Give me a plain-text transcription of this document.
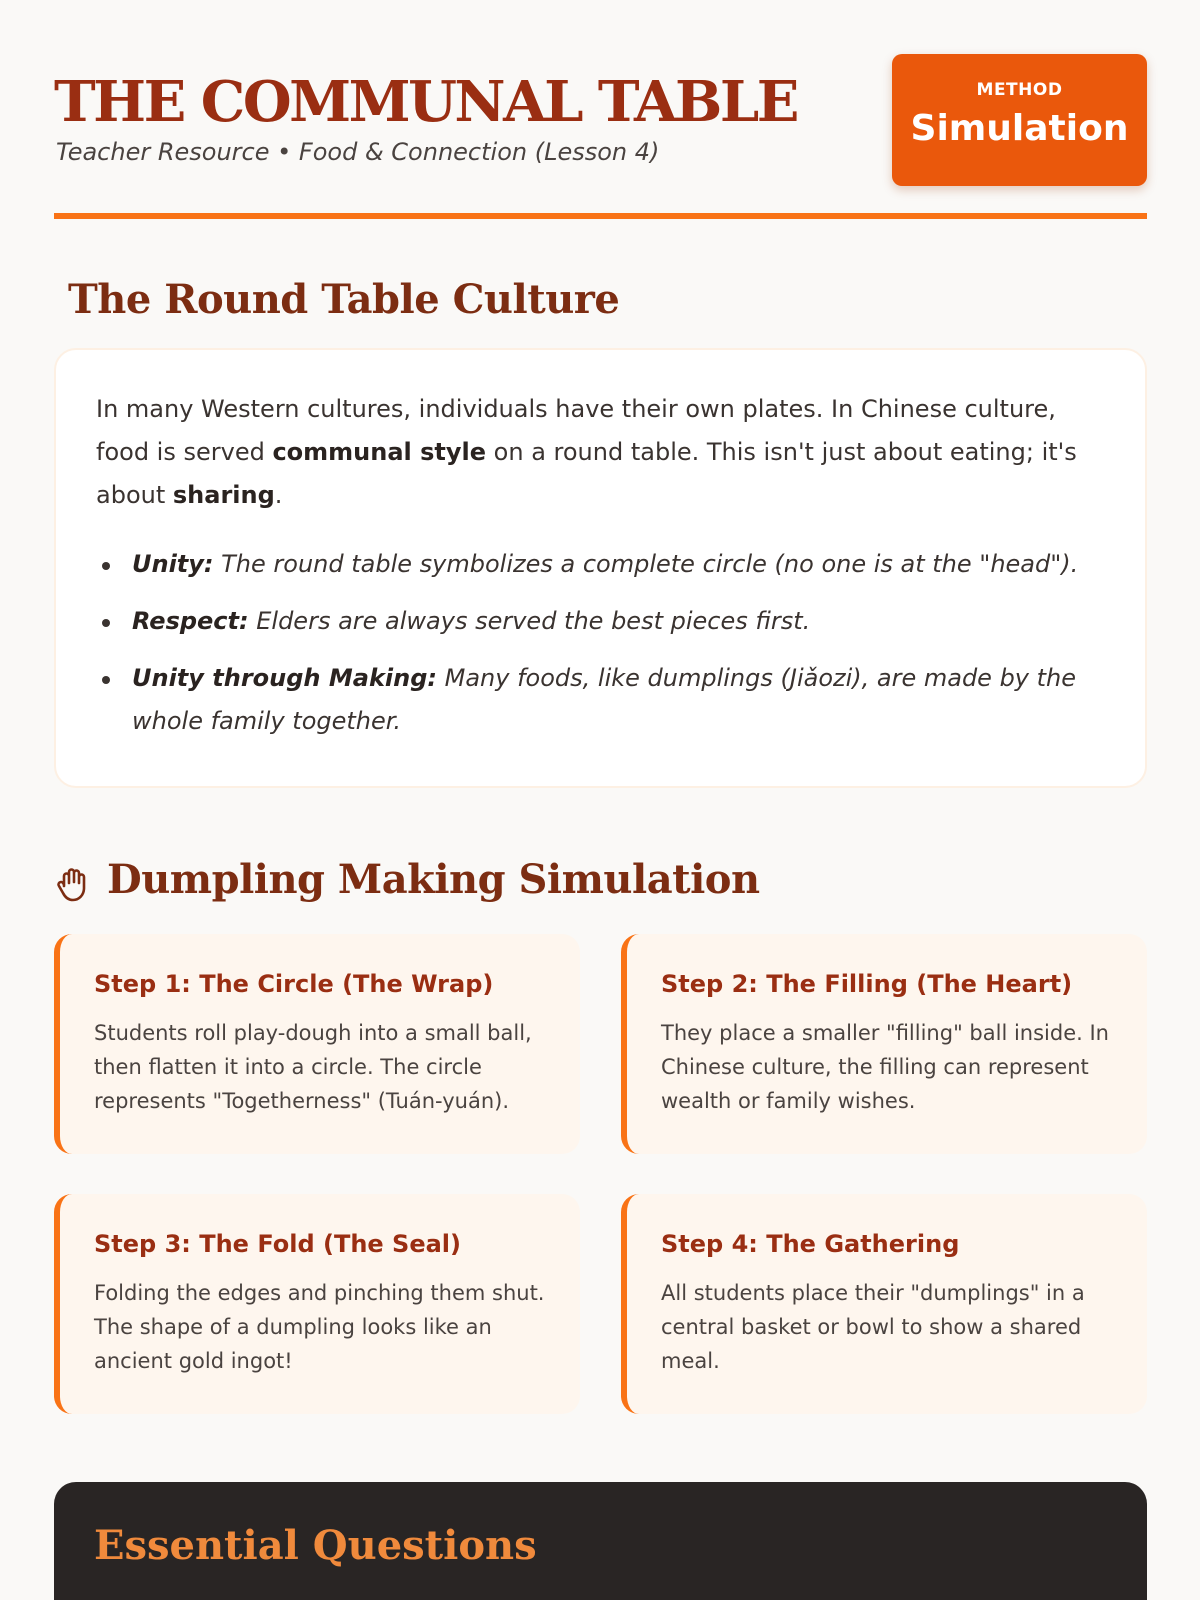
THE COMMUNAL TABLE
Teacher Resource • Food & Connection (Lesson 4)
METHOD
Simulation
The Round Table Culture

In many Western cultures, individuals have their own plates. In Chinese culture, food is served communal style on a round table. This isn't just about eating; it's about sharing.

Unity: The round table symbolizes a complete circle (no one is at the "head").
Respect: Elders are always served the best pieces first.
Unity through Making: Many foods, like dumplings (Jiǎozi), are made by the whole family together.
Dumpling Making Simulation
Step 1: The Circle (The Wrap)
Students roll play-dough into a small ball, then flatten it into a circle. The circle represents "Togetherness" (Tuán-yuán).
Step 2: The Filling (The Heart)
They place a smaller "filling" ball inside. In Chinese culture, the filling can represent wealth or family wishes.
Step 3: The Fold (The Seal)
Folding the edges and pinching them shut. The shape of a dumpling looks like an ancient gold ingot!
Step 4: The Gathering
All students place their "dumplings" in a central basket or bowl to show a shared meal.
Essential Questions
